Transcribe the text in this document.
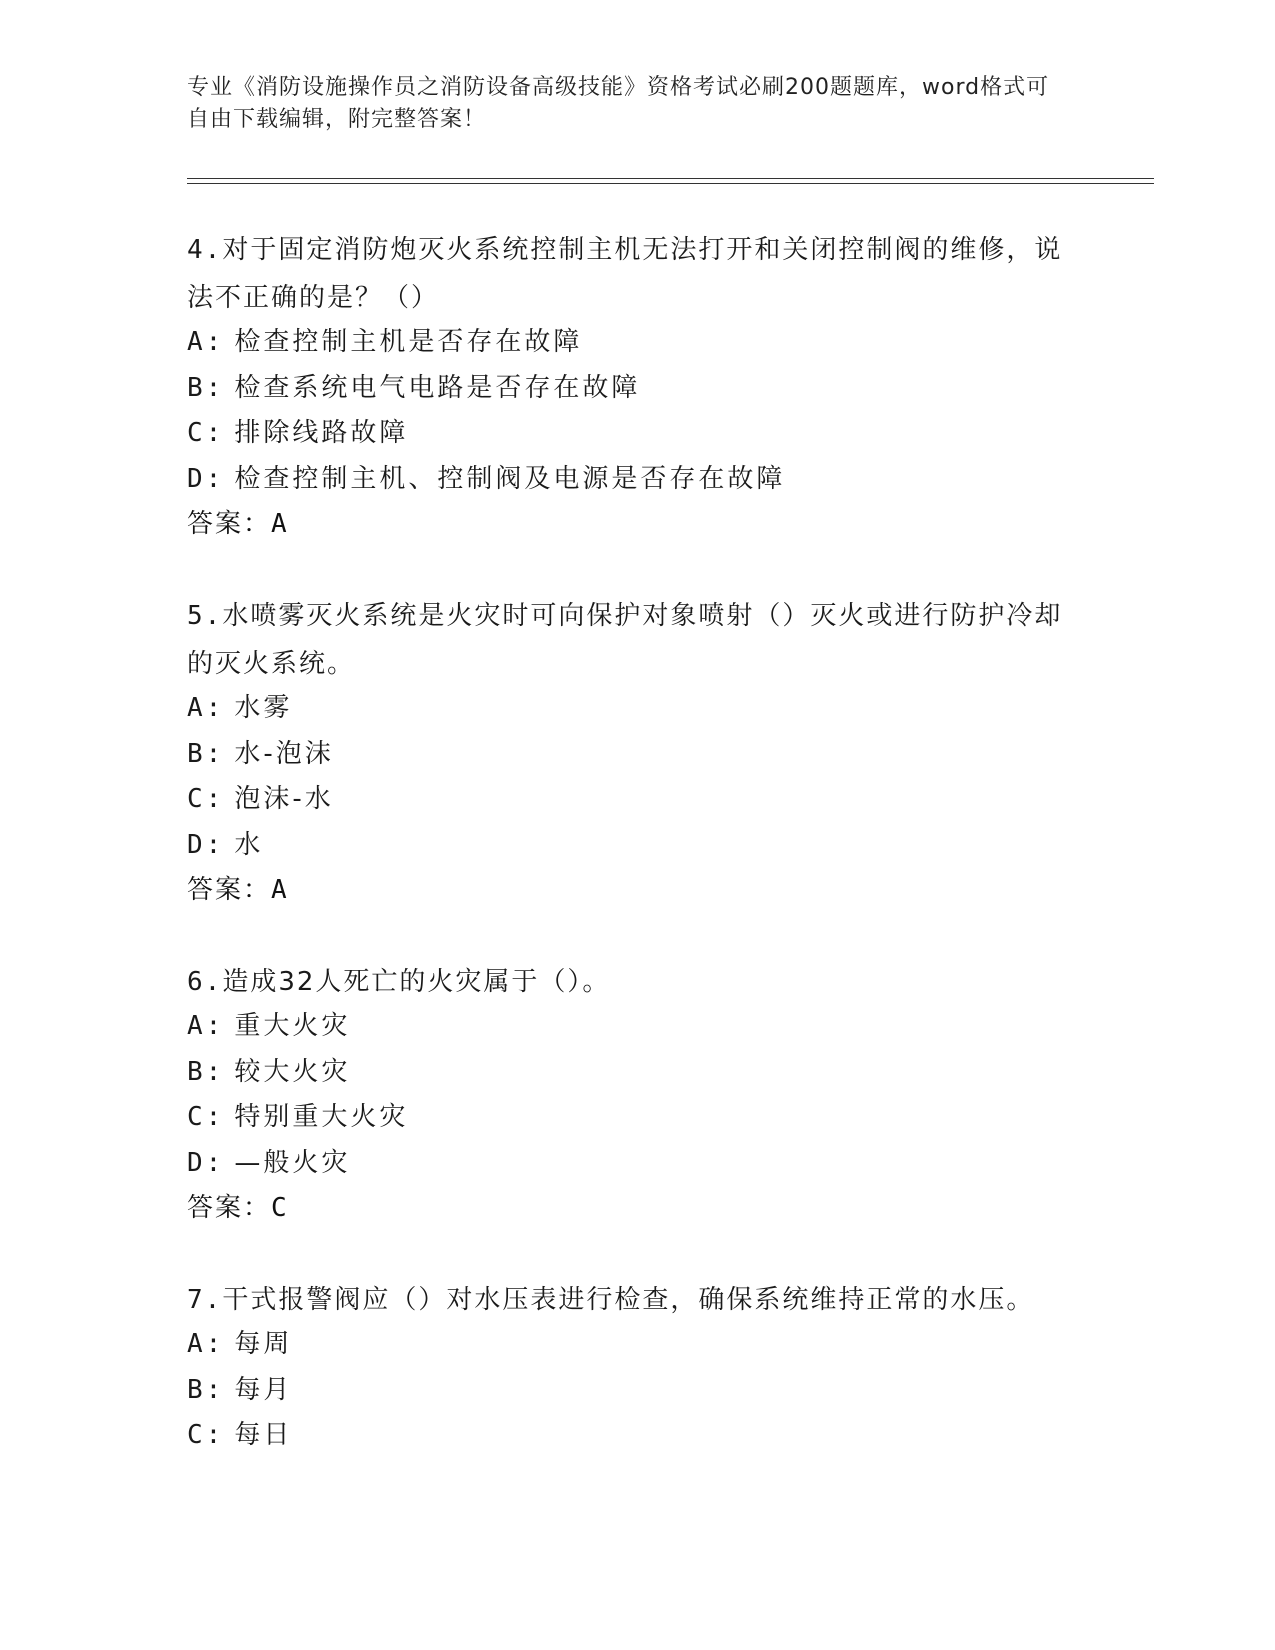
专业《消防设施操作员之消防设备高级技能》资格考试必刷200题题库，word格式可自由下载编辑，附完整答案！
4.对于固定消防炮灭火系统控制主机无法打开和关闭控制阀的维修，说法不正确的是？（）
A: 检查控制主机是否存在故障
B: 检查系统电气电路是否存在故障
C: 排除线路故障
D: 检查控制主机、控制阀及电源是否存在故障
答案：A
5.水喷雾灭火系统是火灾时可向保护对象喷射（）灭火或进行防护冷却的灭火系统。
A: 水雾
B: 水-泡沫
C: 泡沫-水
D: 水
答案：A
6.造成32人死亡的火灾属于（）。
A: 重大火灾
B: 较大火灾
C: 特别重大火灾
D: —般火灾
答案：C
7.干式报警阀应（）对水压表进行检查，确保系统维持正常的水压。
A: 每周
B: 每月
C: 每日
